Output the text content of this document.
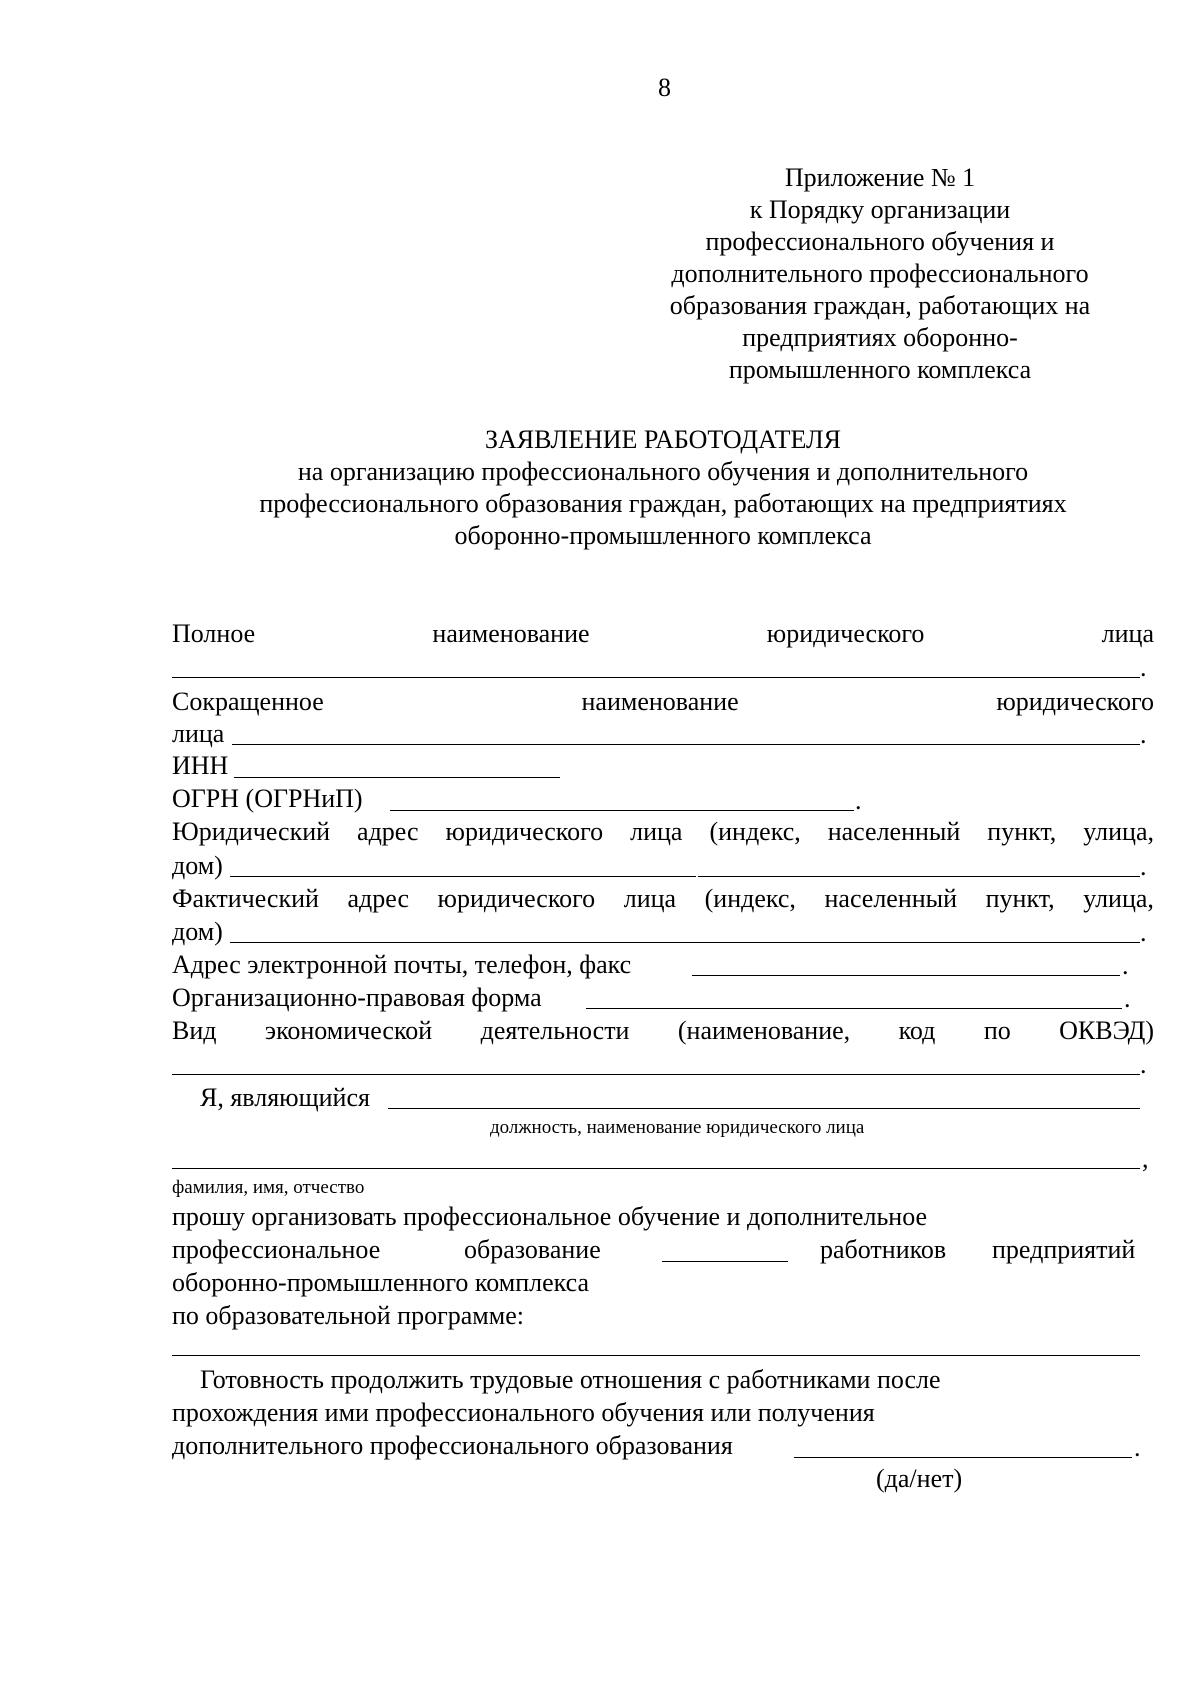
8
Приложение № 1
к Порядку организации
профессионального обучения и
дополнительного профессионального
образования граждан, работающих на
предприятиях оборонно-
промышленного комплекса
ЗАЯВЛЕНИЕ РАБОТОДАТЕЛЯ
на организацию профессионального обучения и дополнительного
профессионального образования граждан, работающих на предприятиях
оборонно-промышленного комплекса
Полное	наименование	юридического	лица
.
Сокращенное	наименование	юридического
лица	.
ИНН
ОГРН (ОГРНиП)	.
Юридический адрес юридического лица (индекс, населенный пункт, улица,
дом)	.
Фактический адрес юридического лица (индекс, населенный пункт, улица,
дом)	.
Адрес электронной почты, телефон, факс	.
Организационно-правовая форма	.
Вид экономической деятельности (наименование, код по ОКВЭД)
.
Я, являющийся
должность, наименование юридического лица
,
фамилия, имя, отчество
прошу организовать профессиональное обучение и дополнительное
профессиональное	образование	работников предприятий
оборонно-промышленного комплекса
по образовательной программе:
Готовность продолжить трудовые отношения с работниками после
прохождения ими профессионального обучения или получения
дополнительного профессионального образования	.
(да/нет)
